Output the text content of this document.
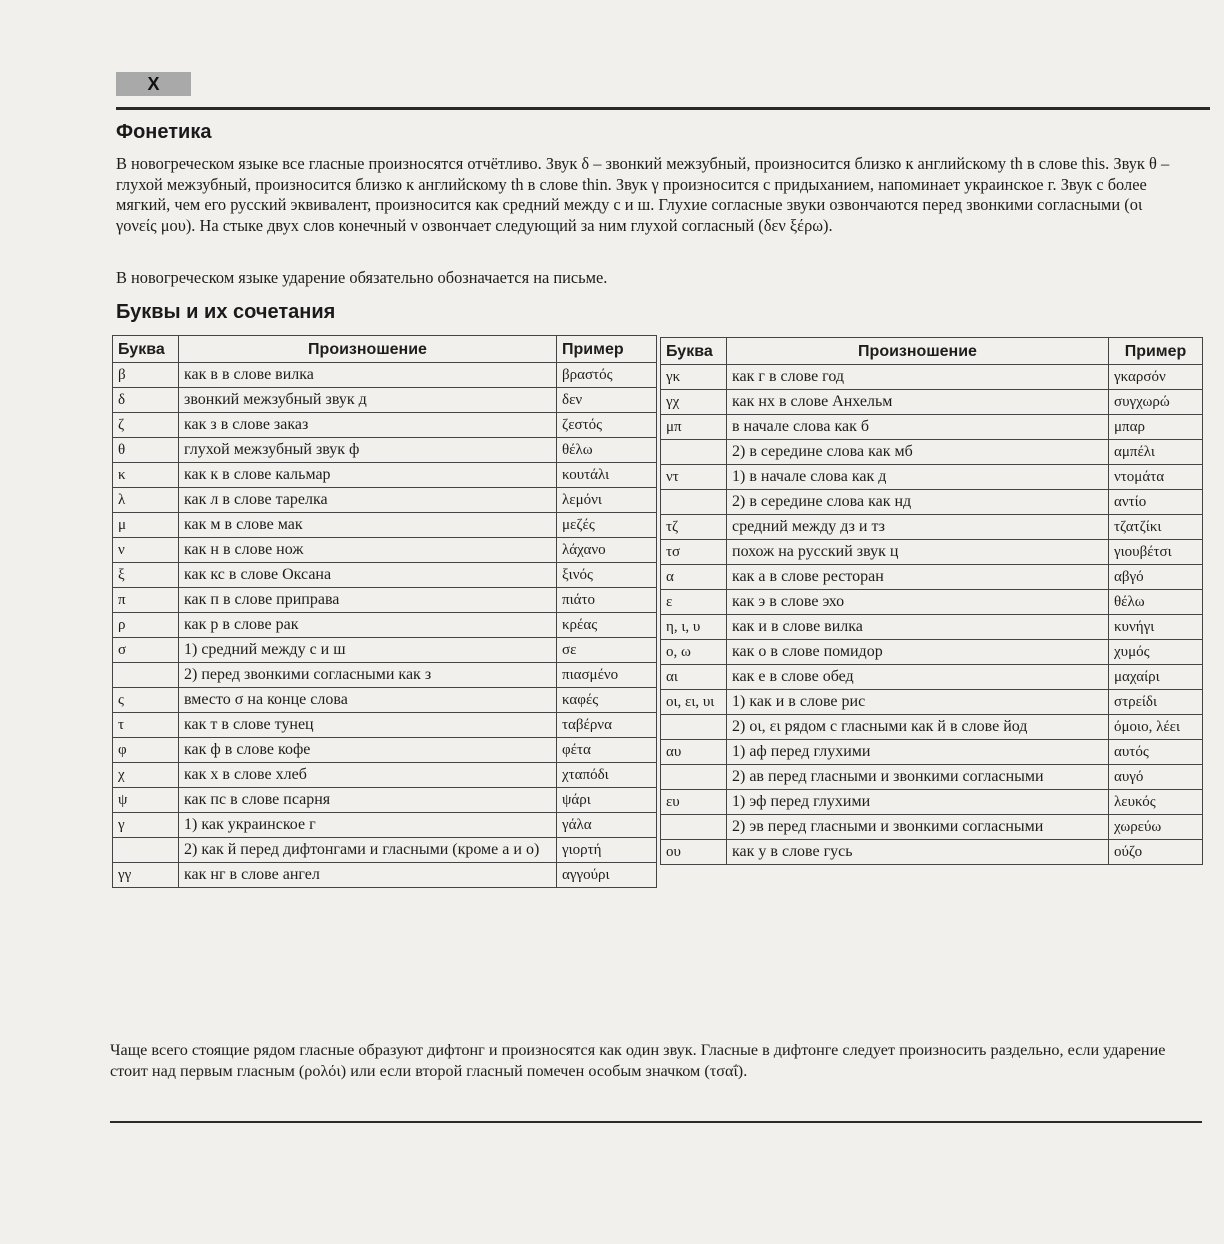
X
Фонетика

В новогреческом языке все гласные произносятся отчётливо. Звук δ – звонкий межзубный, произносится близко к английскому th в слове this. Звук θ – глухой межзубный, произносится близко к английскому th в слове thin. Звук γ произносится с придыханием, напоминает украинское г. Звук с более мягкий, чем его русский эквивалент, произносится как средний между с и ш. Глухие согласные звуки озвончаются перед звонкими согласными (οι γονείς μου). На стыке двух слов конечный ν озвончает следующий за ним глухой согласный (δεν ξέρω).

В новогреческом языке ударение обязательно обозначается на письме.

Буквы и их сочетания
Буква	Произношение	Пример
β	как в в слове вилка	βραστός
δ	звонкий межзубный звук д	δεν
ζ	как з в слове заказ	ζεστός
θ	глухой межзубный звук ф	θέλω
κ	как к в слове кальмар	κουτάλι
λ	как л в слове тарелка	λεμόνι
μ	как м в слове мак	μεζές
ν	как н в слове нож	λάχανο
ξ	как кс в слове Оксана	ξινός
π	как п в слове приправа	πιάτο
ρ	как р в слове рак	κρέας
σ	1) средний между с и ш	σε
	2) перед звонкими согласными как з	πιασμένο
ς	вместо σ на конце слова	καφές
τ	как т в слове тунец	ταβέρνα
φ	как ф в слове кофе	φέτα
χ	как х в слове хлеб	χταπόδι
ψ	как пс в слове псарня	ψάρι
γ	1) как украинское г	γάλα
	2) как й перед дифтонгами и гласными (кроме а и о)	γιορτή
γγ	как нг в слове ангел	αγγούρι
Буква	Произношение	Пример
γκ	как г в слове год	γκαρσόν
γχ	как нх в слове Анхельм	συγχωρώ
μπ	в начале слова как б	μπαρ
	2) в середине слова как мб	αμπέλι
ντ	1) в начале слова как д	ντομάτα
	2) в середине слова как нд	αντίο
τζ	средний между дз и тз	τζατζίκι
τσ	похож на русский звук ц	γιουβέτσι
α	как а в слове ресторан	αβγό
ε	как э в слове эхо	θέλω
η, ι, υ	как и в слове вилка	κυνήγι
ο, ω	как о в слове помидор	χυμός
αι	как е в слове обед	μαχαίρι
οι, ει, υι	1) как и в слове рис	στρείδι
	2) οι, ει рядом с гласными как й в слове йод	όμοιο, λέει
αυ	1) аф перед глухими	αυτός
	2) ав перед гласными и звонкими согласными	αυγό
ευ	1) эф перед глухими	λευκός
	2) эв перед гласными и звонкими согласными	χωρεύω
ου	как у в слове гусь	ούζο

Чаще всего стоящие рядом гласные образуют дифтонг и произносятся как один звук. Гласные в дифтонге следует произносить раздельно, если ударение стоит над первым гласным (ρολόι) или если второй гласный помечен особым значком (τσαΐ).
